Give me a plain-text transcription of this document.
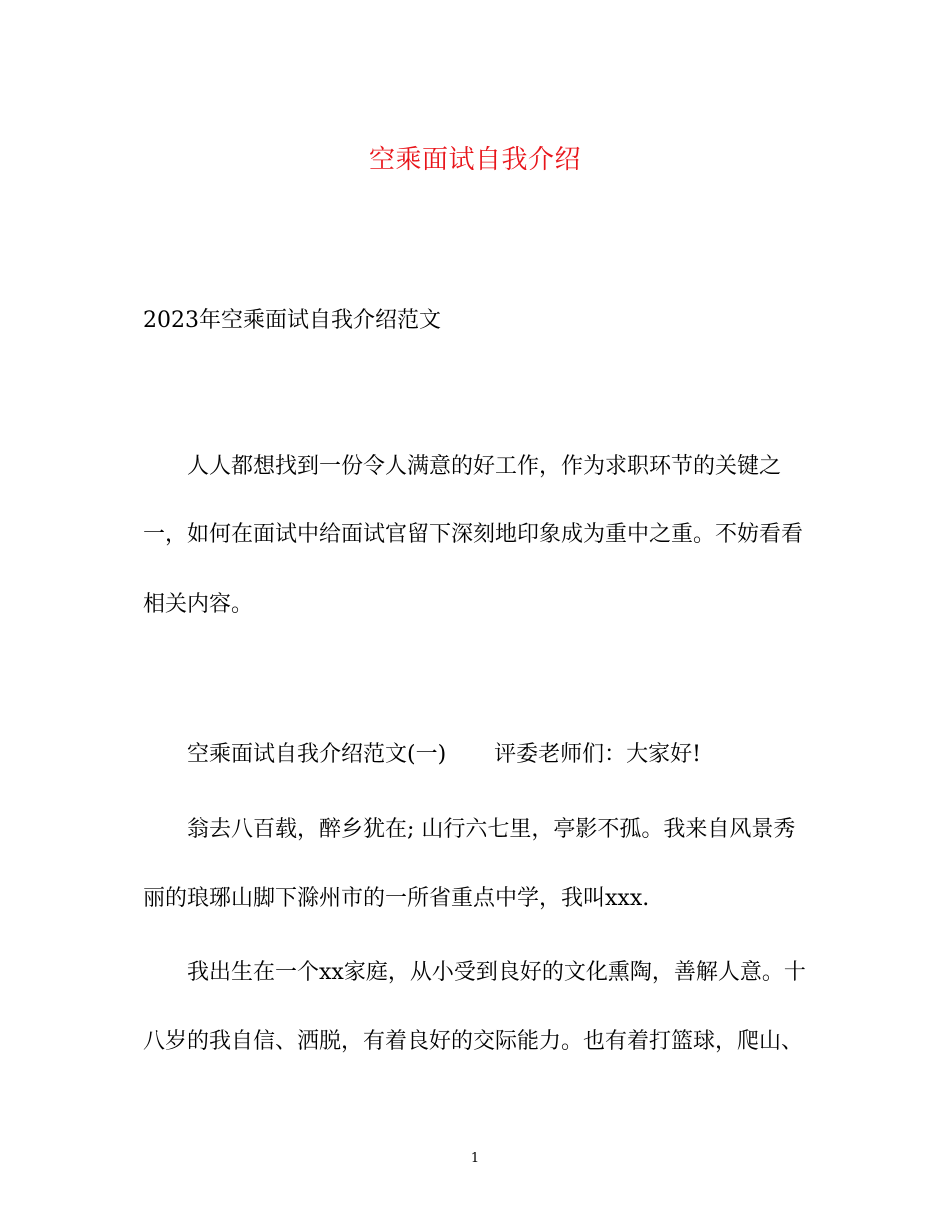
空乘面试自我介绍
2023年空乘面试自我介绍范文
人人都想找到一份令人满意的好工作，作为求职环节的关键之
一，如何在面试中给面试官留下深刻地印象成为重中之重。不妨看看
相关内容。
空乘面试自我介绍范文(一) 评委老师们：大家好!
翁去八百载，醉乡犹在; 山行六七里，亭影不孤。我来自风景秀
丽的琅琊山脚下滁州市的一所省重点中学，我叫xxx.
我出生在一个xx家庭，从小受到良好的文化熏陶，善解人意。十
八岁的我自信、洒脱，有着良好的交际能力。也有着打篮球，爬山、
1
